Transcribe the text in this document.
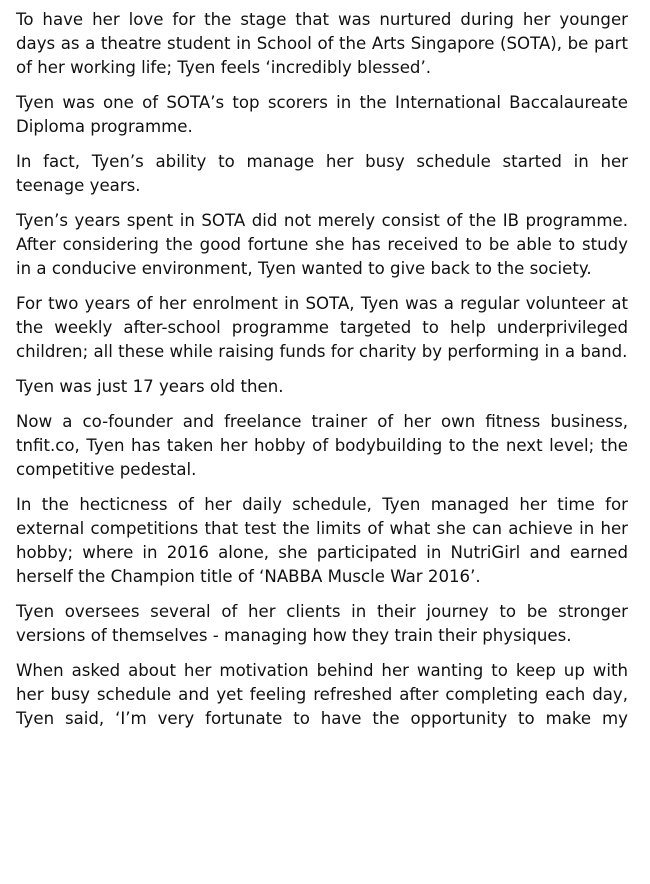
To have her love for the stage that was nurtured during her younger days as a theatre student in School of the Arts Singapore (SOTA), be part of her working life; Tyen feels ‘incredibly blessed’.

Tyen was one of SOTA’s top scorers in the International Baccalaureate Diploma programme.

In fact, Tyen’s ability to manage her busy schedule started in her teenage years.

Tyen’s years spent in SOTA did not merely consist of the IB programme. After considering the good fortune she has received to be able to study in a conducive environment, Tyen wanted to give back to the society.

For two years of her enrolment in SOTA, Tyen was a regular volunteer at the weekly after-school programme targeted to help underprivileged children; all these while raising funds for charity by performing in a band.

Tyen was just 17 years old then.

Now a co-founder and freelance trainer of her own fitness business, tnfit.co, Tyen has taken her hobby of bodybuilding to the next level; the competitive pedestal.

In the hecticness of her daily schedule, Tyen managed her time for external competitions that test the limits of what she can achieve in her hobby; where in 2016 alone, she participated in NutriGirl and earned herself the Champion title of ‘NABBA Muscle War 2016’.

Tyen oversees several of her clients in their journey to be stronger versions of themselves - managing how they train their physiques.

When asked about her motivation behind her wanting to keep up with her busy schedule and yet feeling refreshed after completing each day, Tyen said, ‘I’m very fortunate to have the opportunity to make my
